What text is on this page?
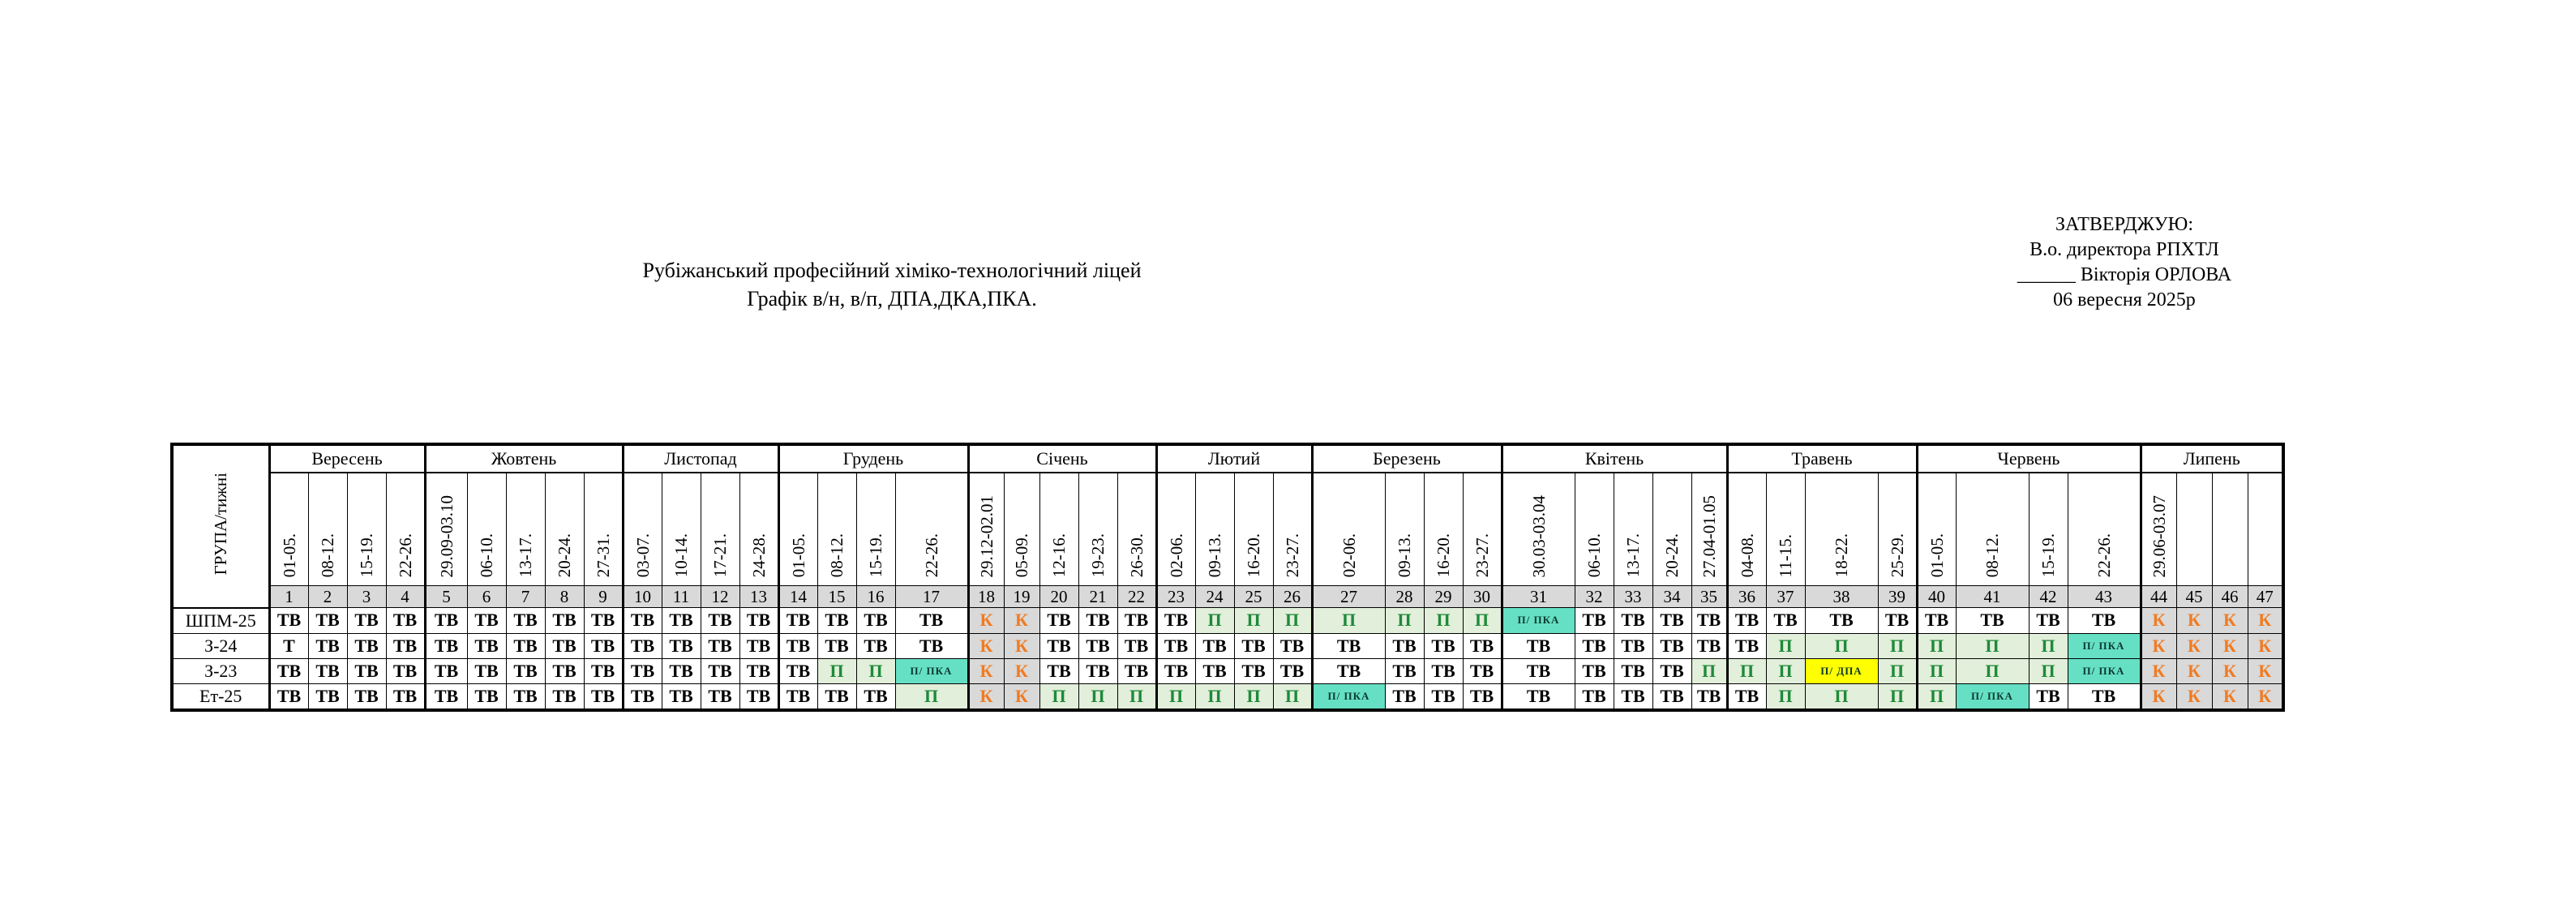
Рубіжанський професійний хіміко-технологічний ліцей
Графік в/н, в/п, ДПА,ДКА,ПКА.
ЗАТВЕРДЖУЮ:
В.о. директора РПХТЛ
______ Вікторія ОРЛОВА
06 вересня 2025р
ГРУПА/тижні	Вересень				Жовтень					Листопад				Грудень				Січень					Лютий				Березень				Квітень					Травень				Червень				Липень			
	01-05.	08-12.	15-19.	22-26.	29.09-03.10	06-10.	13-17.	20-24.	27-31.	03-07.	10-14.	17-21.	24-28.	01-05.	08-12.	15-19.	22-26.	29.12-02.01	05-09.	12-16.	19-23.	26-30.	02-06.	09-13.	16-20.	23-27.	02-06.	09-13.	16-20.	23-27.	30.03-03.04	06-10.	13-17.	20-24.	27.04-01.05	04-08.	11-15.	18-22.	25-29.	01-05.	08-12.	15-19.	22-26.	29.06-03.07			
	1	2	3	4	5	6	7	8	9	10	11	12	13	14	15	16	17	18	19	20	21	22	23	24	25	26	27	28	29	30	31	32	33	34	35	36	37	38	39	40	41	42	43	44	45	46	47
ШПМ-25	ТВ	ТВ	ТВ	ТВ	ТВ	ТВ	ТВ	ТВ	ТВ	ТВ	ТВ	ТВ	ТВ	ТВ	ТВ	ТВ	ТВ	К	К	ТВ	ТВ	ТВ	ТВ	П	П	П	П	П	П	П	П/ ПКА	ТВ	ТВ	ТВ	ТВ	ТВ	ТВ	ТВ	ТВ	ТВ	ТВ	ТВ	ТВ	К	К	К	К
З-24	Т	ТВ	ТВ	ТВ	ТВ	ТВ	ТВ	ТВ	ТВ	ТВ	ТВ	ТВ	ТВ	ТВ	ТВ	ТВ	ТВ	К	К	ТВ	ТВ	ТВ	ТВ	ТВ	ТВ	ТВ	ТВ	ТВ	ТВ	ТВ	ТВ	ТВ	ТВ	ТВ	ТВ	ТВ	П	П	П	П	П	П	П/ ПКА	К	К	К	К
З-23	ТВ	ТВ	ТВ	ТВ	ТВ	ТВ	ТВ	ТВ	ТВ	ТВ	ТВ	ТВ	ТВ	ТВ	П	П	П/ ПКА	К	К	ТВ	ТВ	ТВ	ТВ	ТВ	ТВ	ТВ	ТВ	ТВ	ТВ	ТВ	ТВ	ТВ	ТВ	ТВ	П	П	П	П/ ДПА	П	П	П	П	П/ ПКА	К	К	К	К
Ет-25	ТВ	ТВ	ТВ	ТВ	ТВ	ТВ	ТВ	ТВ	ТВ	ТВ	ТВ	ТВ	ТВ	ТВ	ТВ	ТВ	П	К	К	П	П	П	П	П	П	П	П/ ПКА	ТВ	ТВ	ТВ	ТВ	ТВ	ТВ	ТВ	ТВ	ТВ	П	П	П	П	П/ ПКА	ТВ	ТВ	К	К	К	К
